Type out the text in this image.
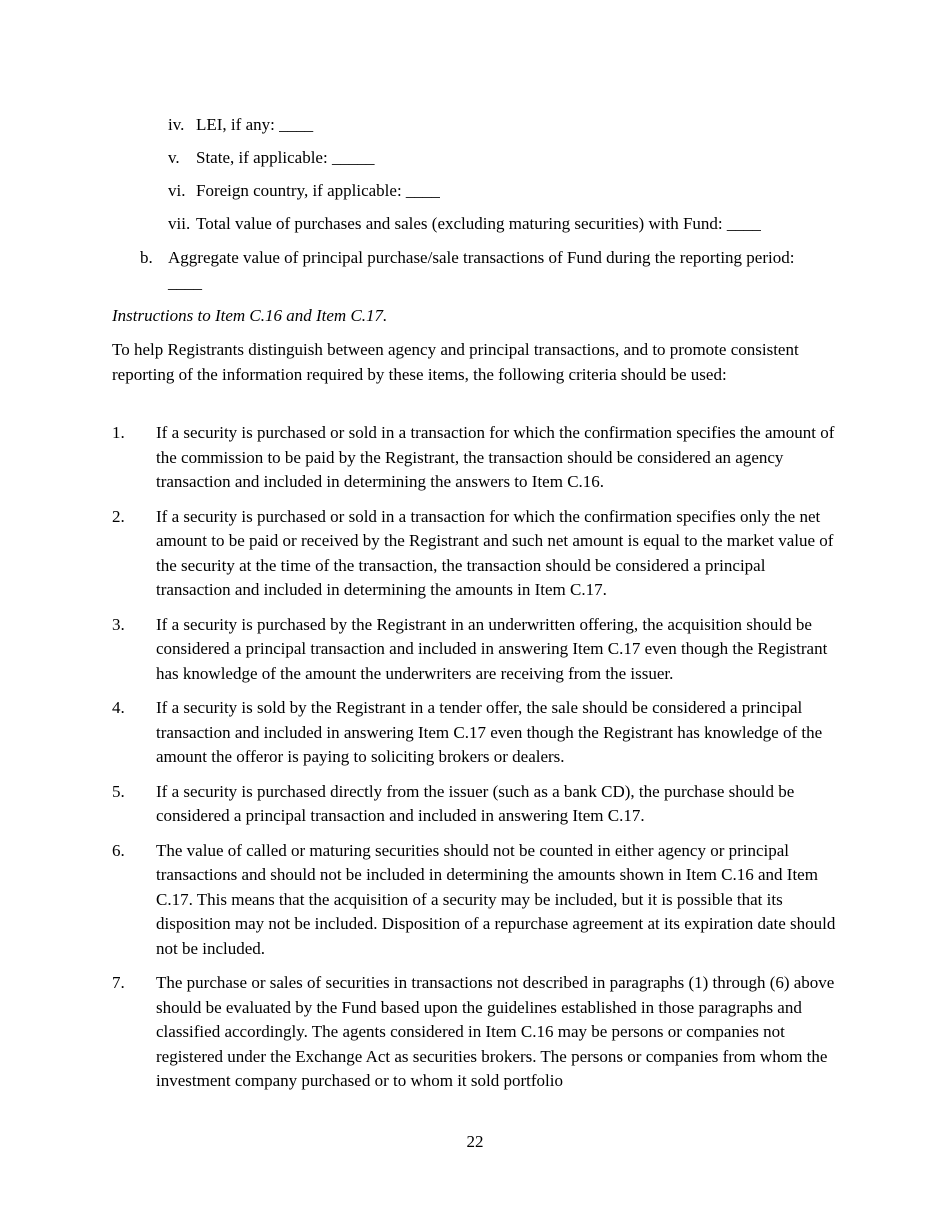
iv. LEI, if any: ____
v. State, if applicable: _____
vi. Foreign country, if applicable: ____
vii. Total value of purchases and sales (excluding maturing securities) with Fund: ____
b. Aggregate value of principal purchase/sale transactions of Fund during the reporting period: ____
Instructions to Item C.16 and Item C.17.
To help Registrants distinguish between agency and principal transactions, and to promote consistent reporting of the information required by these items, the following criteria should be used:
1. If a security is purchased or sold in a transaction for which the confirmation specifies the amount of the commission to be paid by the Registrant, the transaction should be considered an agency transaction and included in determining the answers to Item C.16.
2. If a security is purchased or sold in a transaction for which the confirmation specifies only the net amount to be paid or received by the Registrant and such net amount is equal to the market value of the security at the time of the transaction, the transaction should be considered a principal transaction and included in determining the amounts in Item C.17.
3. If a security is purchased by the Registrant in an underwritten offering, the acquisition should be considered a principal transaction and included in answering Item C.17 even though the Registrant has knowledge of the amount the underwriters are receiving from the issuer.
4. If a security is sold by the Registrant in a tender offer, the sale should be considered a principal transaction and included in answering Item C.17 even though the Registrant has knowledge of the amount the offeror is paying to soliciting brokers or dealers.
5. If a security is purchased directly from the issuer (such as a bank CD), the purchase should be considered a principal transaction and included in answering Item C.17.
6. The value of called or maturing securities should not be counted in either agency or principal transactions and should not be included in determining the amounts shown in Item C.16 and Item C.17. This means that the acquisition of a security may be included, but it is possible that its disposition may not be included. Disposition of a repurchase agreement at its expiration date should not be included.
7. The purchase or sales of securities in transactions not described in paragraphs (1) through (6) above should be evaluated by the Fund based upon the guidelines established in those paragraphs and classified accordingly. The agents considered in Item C.16 may be persons or companies not registered under the Exchange Act as securities brokers. The persons or companies from whom the investment company purchased or to whom it sold portfolio
22
